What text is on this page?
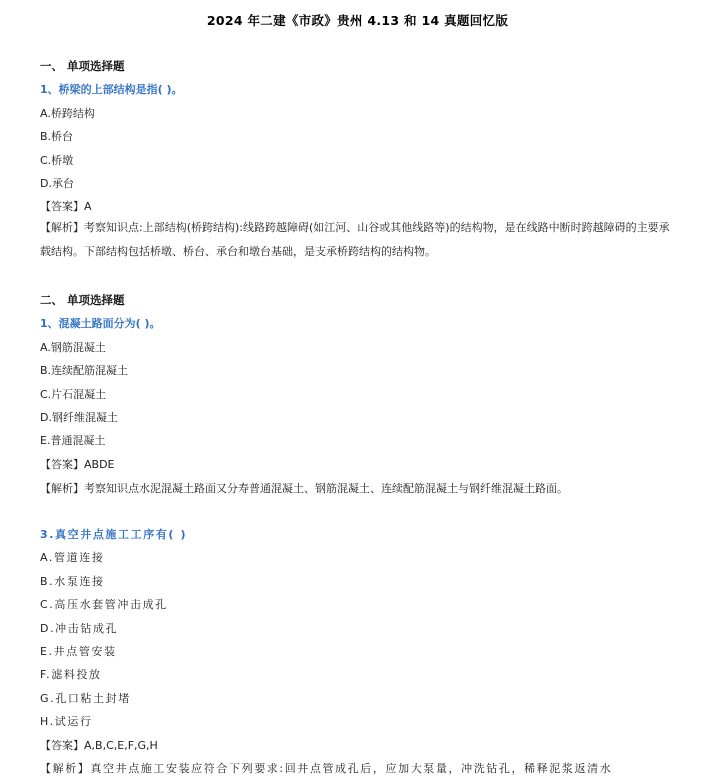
2024 年二建《市政》贵州 4.13 和 14 真题回忆版
一、 单项选择题
1、桥梁的上部结构是指( )。
A.桥跨结构
B.桥台
C.桥墩
D.承台
【答案】A
【解析】考察知识点:上部结构(桥跨结构):线路跨越障碍(如江河、山谷或其他线路等)的结构物，是在线路中断时跨越障碍的主要承载结构。下部结构包括桥墩、桥台、承台和墩台基础，是支承桥跨结构的结构物。
二、 单项选择题
1、混凝土路面分为( )。
A.钢筋混凝土
B.连续配筋混凝土
C.片石混凝土
D.钢纤维混凝土
E.普通混凝土
【答案】ABDE
【解析】考察知识点水泥混凝土路面又分寿普通混凝土、钢筋混凝土、连续配筋混凝土与钢纤维混凝土路面。
3.真空井点施工工序有( )
A.管道连接
B.水泵连接
C.高压水套管冲击成孔
D.冲击钻成孔
E.井点管安装
F.滤料投放
G.孔口粘土封堵
H.试运行
【答案】A,B,C,E,F,G,H
【解析】真空井点施工安装应符合下列要求:回井点管成孔后，应加大泵量，冲洗钻孔，稀释泥浆返清水
